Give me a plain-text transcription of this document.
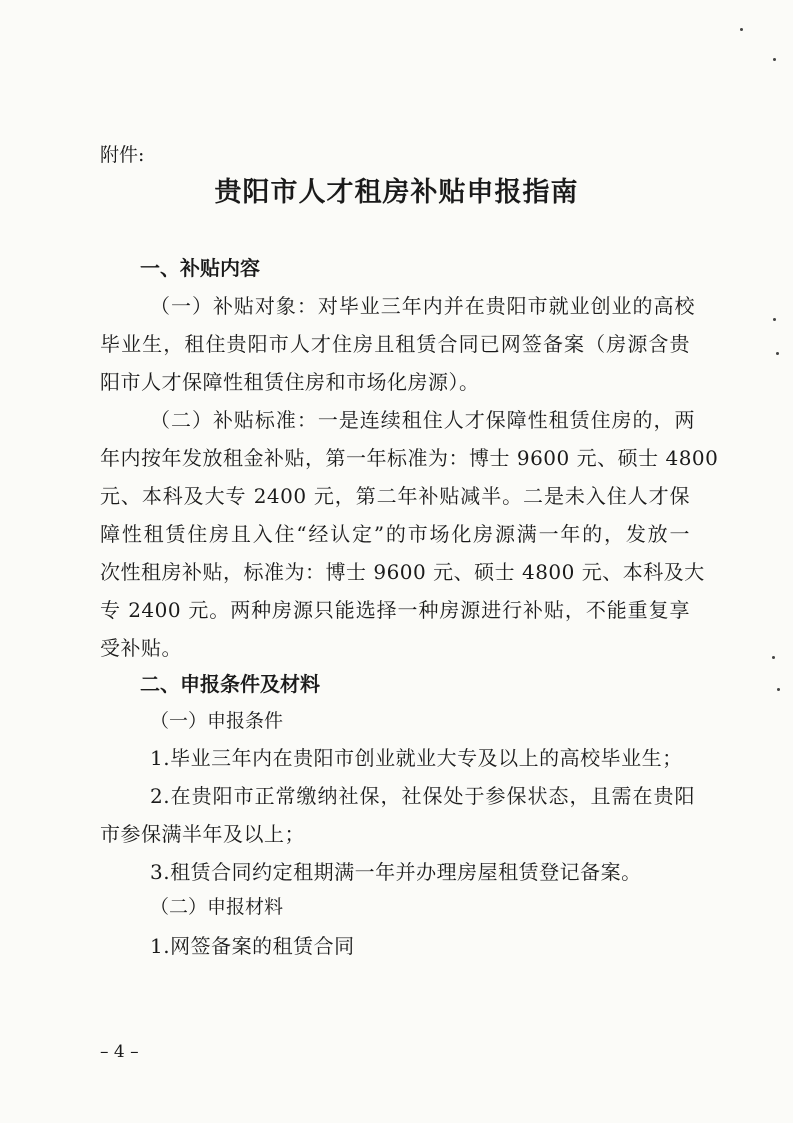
附件:
贵阳市人才租房补贴申报指南
一、补贴内容
（一）补贴对象：对毕业三年内并在贵阳市就业创业的高校
毕业生，租住贵阳市人才住房且租赁合同已网签备案（房源含贵
阳市人才保障性租赁住房和市场化房源）。
（二）补贴标准：一是连续租住人才保障性租赁住房的，两
年内按年发放租金补贴，第一年标准为：博士 9600 元、硕士 4800
元、本科及大专 2400 元，第二年补贴减半。二是未入住人才保
障性租赁住房且入住“经认定”的市场化房源满一年的，发放一
次性租房补贴，标准为：博士 9600 元、硕士 4800 元、本科及大
专 2400 元。两种房源只能选择一种房源进行补贴，不能重复享
受补贴。
二、申报条件及材料
（一）申报条件
1.毕业三年内在贵阳市创业就业大专及以上的高校毕业生；
2.在贵阳市正常缴纳社保，社保处于参保状态，且需在贵阳
市参保满半年及以上；
3.租赁合同约定租期满一年并办理房屋租赁登记备案。
（二）申报材料
1.网签备案的租赁合同
– 4 –
